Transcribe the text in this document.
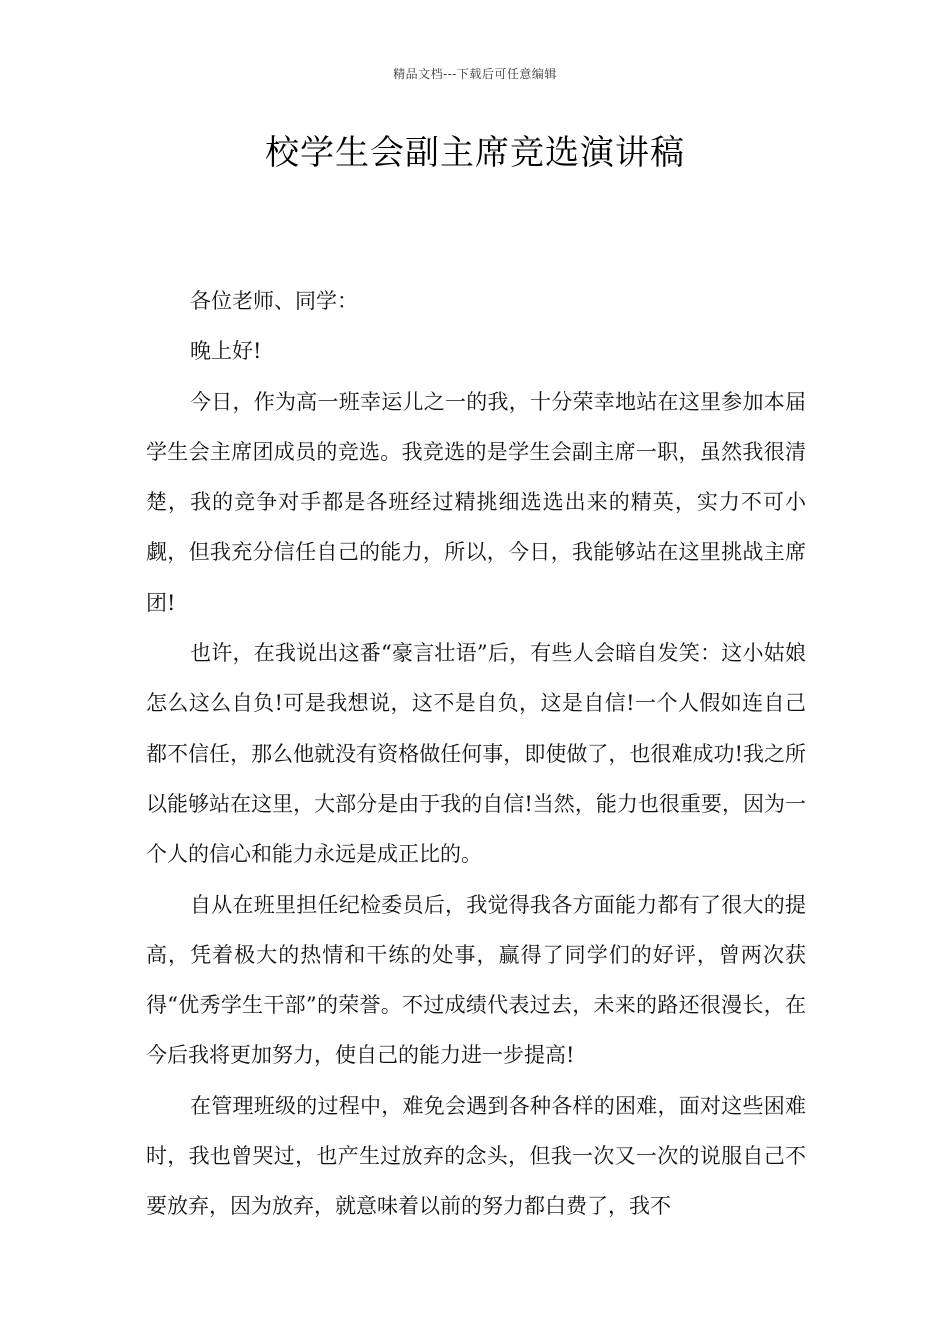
精品文档---下载后可任意编辑
校学生会副主席竞选演讲稿

各位老师、同学：

晚上好!

今日，作为高一班幸运儿之一的我，十分荣幸地站在这里参加本届学生会主席团成员的竞选。我竞选的是学生会副主席一职，虽然我很清楚，我的竞争对手都是各班经过精挑细选选出来的精英，实力不可小觑，但我充分信任自己的能力，所以，今日，我能够站在这里挑战主席团!

也许，在我说出这番“豪言壮语”后，有些人会暗自发笑：这小姑娘怎么这么自负!可是我想说，这不是自负，这是自信!一个人假如连自己都不信任，那么他就没有资格做任何事，即使做了，也很难成功!我之所以能够站在这里，大部分是由于我的自信!当然，能力也很重要，因为一个人的信心和能力永远是成正比的。

自从在班里担任纪检委员后，我觉得我各方面能力都有了很大的提高，凭着极大的热情和干练的处事，赢得了同学们的好评，曾两次获得“优秀学生干部”的荣誉。不过成绩代表过去，未来的路还很漫长，在今后我将更加努力，使自己的能力进一步提高!

在管理班级的过程中，难免会遇到各种各样的困难，面对这些困难时，我也曾哭过，也产生过放弃的念头，但我一次又一次的说服自己不要放弃，因为放弃，就意味着以前的努力都白费了，我不
